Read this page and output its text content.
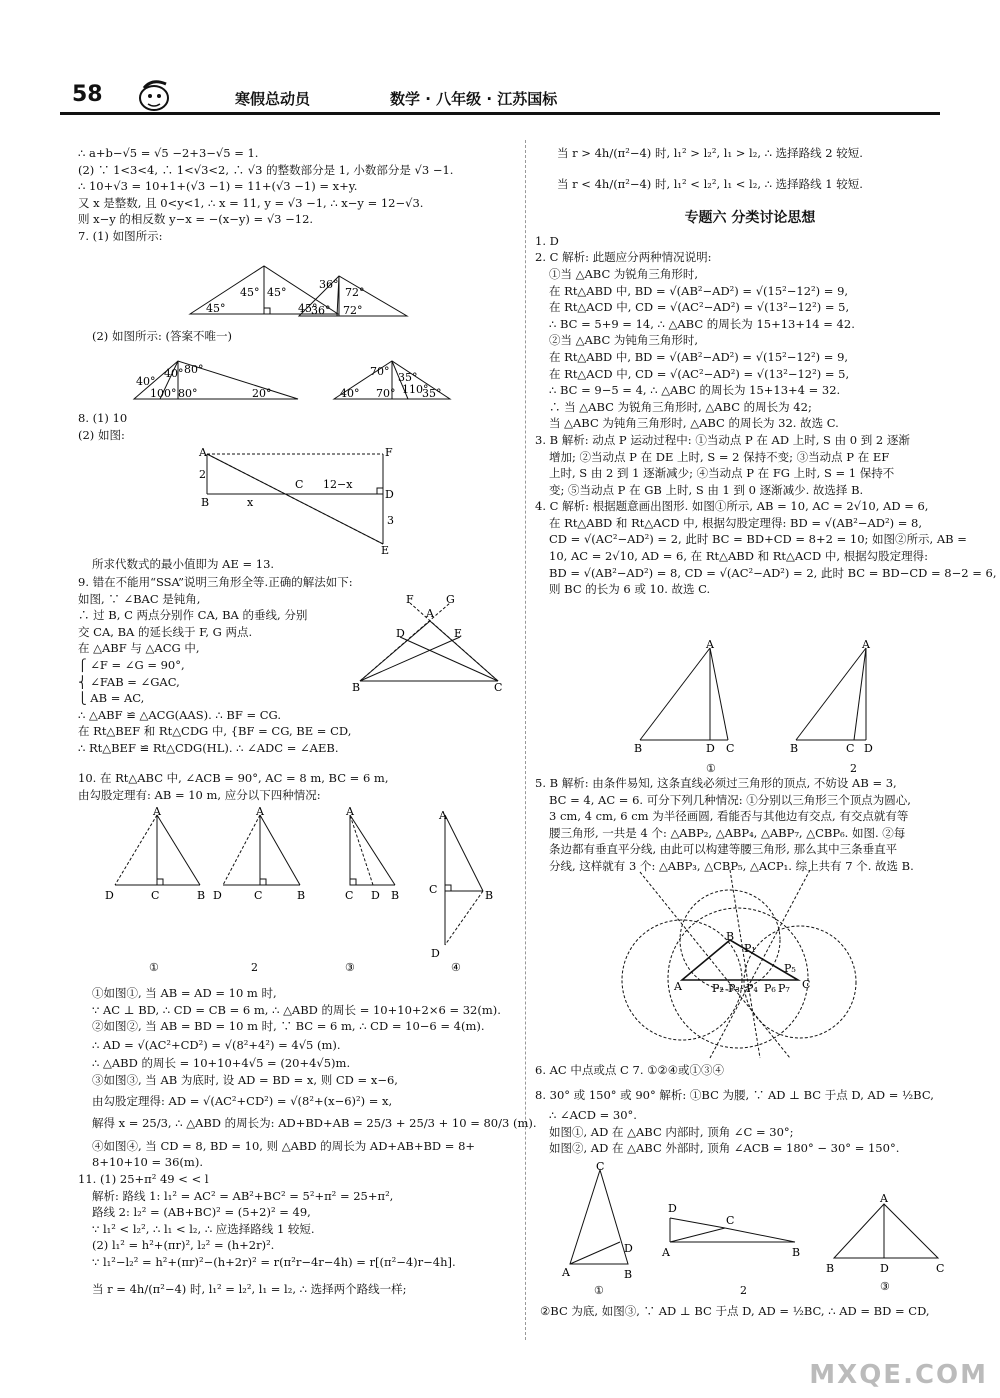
58	寒假总动员	数学 · 八年级 · 江苏国标

∴ a+b−√5 = √5 −2+3−√5 = 1.

(2) ∵ 1<3<4, ∴ 1<√3<2, ∴ √3 的整数部分是 1, 小数部分是 √3 −1.

∴ 10+√3 = 10+1+(√3 −1) = 11+(√3 −1) = x+y.

又 x 是整数, 且 0<y<1, ∴ x = 11, y = √3 −1, ∴ x−y = 12−√3.

则 x−y 的相反数 y−x = −(x−y) = √3 −12.

7. (1) 如图所示:

45° 45°
45°	45°
36°
72°
36° 72°

(2) 如图所示: (答案不唯一)

40°
40° 80°
100° 80°	20°
70° 35°
110°
40° 70° 35°

8. (1) 10

(2) 如图:

A	F
2
B
C
D
x
12−x
3
E

所求代数式的最小值即为 AE = 13.

9. 错在不能用“SSA”说明三角形全等.正确的解法如下:

如图, ∵ ∠BAC 是钝角,

∴ 过 B, C 两点分别作 CA, BA 的垂线, 分别

交 CA, BA 的延长线于 F, G 两点.

在 △ABF 与 △ACG 中,

⎧ ∠F = ∠G = 90°,

⎨ ∠FAB = ∠GAC,

⎩ AB = AC,

∴ △ABF ≌ △ACG(AAS). ∴ BF = CG.

在 Rt△BEF 和 Rt△CDG 中, {BF = CG, BE = CD,

∴ Rt△BEF ≌ Rt△CDG(HL). ∴ ∠ADC = ∠AEB.

F	G
A
D	E
B	C

10. 在 Rt△ABC 中, ∠ACB = 90°, AC = 8 m, BC = 6 m,

由勾股定理有: AB = 10 m, 应分以下四种情况:

A
D	C	B
①
A
D	C	B
2
A
C D B
③
A
C	B
D
④

①如图①, 当 AB = AD = 10 m 时,

∵ AC ⊥ BD, ∴ CD = CB = 6 m, ∴ △ABD 的周长 = 10+10+2×6 = 32(m).

②如图②, 当 AB = BD = 10 m 时, ∵ BC = 6 m, ∴ CD = 10−6 = 4(m).

∴ AD = √(AC²+CD²) = √(8²+4²) = 4√5 (m).

∴ △ABD 的周长 = 10+10+4√5 = (20+4√5)m.

③如图③, 当 AB 为底时, 设 AD = BD = x, 则 CD = x−6,

由勾股定理得: AD = √(AC²+CD²) = √(8²+(x−6)²) = x,

解得 x = 25/3, ∴ △ABD 的周长为: AD+BD+AB = 25/3 + 25/3 + 10 = 80/3 (m).

④如图④, 当 CD = 8, BD = 10, 则 △ABD 的周长为 AD+AB+BD = 8+

8+10+10 = 36(m).

11. (1) 25+π² 49 < < l

解析: 路线 1: l₁² = AC² = AB²+BC² = 5²+π² = 25+π²,

路线 2: l₂² = (AB+BC)² = (5+2)² = 49,

∵ l₁² < l₂², ∴ l₁ < l₂, ∴ 应选择路线 1 较短.

(2) l₁² = h²+(πr)², l₂² = (h+2r)².

∵ l₁²−l₂² = h²+(πr)²−(h+2r)² = r(π²r−4r−4h) = r[(π²−4)r−4h].

当 r = 4h/(π²−4) 时, l₁² = l₂², l₁ = l₂, ∴ 选择两个路线一样;

当 r > 4h/(π²−4) 时, l₁² > l₂², l₁ > l₂, ∴ 选择路线 2 较短.

当 r < 4h/(π²−4) 时, l₁² < l₂², l₁ < l₂, ∴ 选择路线 1 较短.

专题六 分类讨论思想

1. D

2. C 解析: 此题应分两种情况说明:

①当 △ABC 为锐角三角形时,

在 Rt△ABD 中, BD = √(AB²−AD²) = √(15²−12²) = 9,

在 Rt△ACD 中, CD = √(AC²−AD²) = √(13²−12²) = 5,

∴ BC = 5+9 = 14, ∴ △ABC 的周长为 15+13+14 = 42.

②当 △ABC 为钝角三角形时,

在 Rt△ABD 中, BD = √(AB²−AD²) = √(15²−12²) = 9,

在 Rt△ACD 中, CD = √(AC²−AD²) = √(13²−12²) = 5,

∴ BC = 9−5 = 4, ∴ △ABC 的周长为 15+13+4 = 32.

∴ 当 △ABC 为锐角三角形时, △ABC 的周长为 42;

当 △ABC 为钝角三角形时, △ABC 的周长为 32. 故选 C.

3. B 解析: 动点 P 运动过程中: ①当动点 P 在 AD 上时, S 由 0 到 2 逐渐

增加; ②当动点 P 在 DE 上时, S = 2 保持不变; ③当动点 P 在 EF

上时, S 由 2 到 1 逐渐减少; ④当动点 P 在 FG 上时, S = 1 保持不

变; ⑤当动点 P 在 GB 上时, S 由 1 到 0 逐渐减少. 故选择 B.

4. C 解析: 根据题意画出图形. 如图①所示, AB = 10, AC = 2√10, AD = 6,

在 Rt△ABD 和 Rt△ACD 中, 根据勾股定理得: BD = √(AB²−AD²) = 8,

CD = √(AC²−AD²) = 2, 此时 BC = BD+CD = 8+2 = 10; 如图②所示, AB =

10, AC = 2√10, AD = 6, 在 Rt△ABD 和 Rt△ACD 中, 根据勾股定理得:

BD = √(AB²−AD²) = 8, CD = √(AC²−AD²) = 2, 此时 BC = BD−CD = 8−2 = 6,

则 BC 的长为 6 或 10. 故选 C.

A
B	D C
①
A
B	C D
2

5. B 解析: 由条件易知, 这条直线必须过三角形的顶点, 不妨设 AB = 3,

BC = 4, AC = 6. 可分下列几种情况: ①分别以三角形三个顶点为圆心,

3 cm, 4 cm, 6 cm 为半径画圆, 看能否与其他边有交点, 有交点就有等

腰三角形, 一共是 4 个: △ABP₂, △ABP₄, △ABP₇, △CBP₆. 如图. ②每

条边都有垂直平分线, 由此可以构建等腰三角形, 那么其中三条垂直平

分线, 这样就有 3 个: △ABP₃, △CBP₅, △ACP₁. 综上共有 7 个. 故选 B.

A
B
C
P₁
P₂ P₃ P₄
P₅
P₆ P₇

6. AC 中点或点 C 7. ①②④或①③④

8. 30° 或 150° 或 90° 解析: ①BC 为腰, ∵ AD ⊥ BC 于点 D, AD = ½BC,

∴ ∠ACD = 30°.

如图①, AD 在 △ABC 内部时, 顶角 ∠C = 30°;

如图②, AD 在 △ABC 外部时, 顶角 ∠ACB = 180° − 30° = 150°.

C
A	B
D
①
D
C
A	B
2
A
B	D	C
③

②BC 为底, 如图③, ∵ AD ⊥ BC 于点 D, AD = ½BC, ∴ AD = BD = CD,

MXQE.COM
